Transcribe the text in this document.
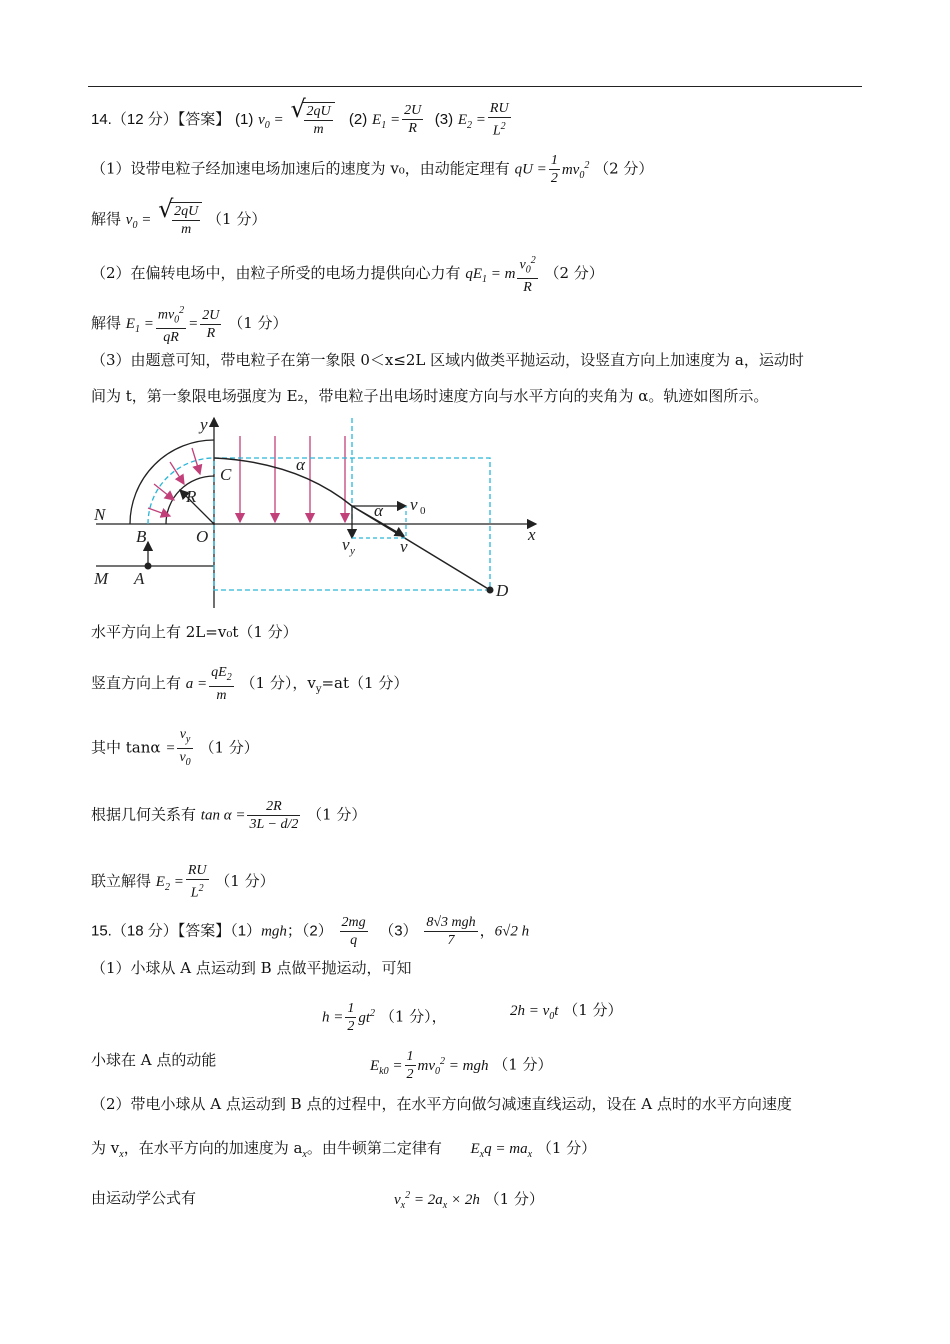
14.（12 分）【答案】 (1) $v_0$ = √ $\frac{2qU}{m} (2) E_1 = \frac{2U}{R} (3) E_2 = \frac{RU}{L^2}$
（1）设带电粒子经加速电场加速后的速度为 v₀，由动能定理有 qU = $\frac{1}{2} mv_0^2$ （2 分）
解得 $v_0$ = √ $\frac{2qU}{m} (1$ 分）
（2）在偏转电场中，由粒子所受的电场力提供向心力有 $qE_1 = m \frac{v_0^2}{R} (2$ 分）
解得 $E_1 = \frac{mv_0^2}{qR} = \frac{2U}{R} (1$ 分）
（3）由题意可知，带电粒子在第一象限 0＜x≤2L 区域内做类平抛运动，设竖直方向上加速度为 a，运动时
间为 t，第一象限电场强度为 E₂，带电粒子出电场时速度方向与水平方向的夹角为 α。轨迹如图所示。
y
x
C
O
B
A
N
M
R
D
α
α v 0
v y	v
水平方向上有 2L=v₀t（1 分）
竖直方向上有 $a = \frac{qE_2}{m} (1$ 分），$v_y=at(1$ 分）
其中 $\tan\alpha = \frac{v_y}{v_0} (1$ 分）
根据几何关系有 $\tan \alpha = \frac{2R}{3L - d/2} (1$ 分）
联立解得 $E_2 = \frac{RU}{L^2} (1$ 分）
15.（18 分）【答案】（1）mgh；$(2) \frac{2mg}{q} (3) \frac{\text{8√3 mgh}}{7}$ ，6√2 h
（1）小球从 A 点运动到 B 点做平抛运动，可知
$h = \frac{1}{2} gt^2$ （1 分），	$2h = v_0t$ （1 分）
小球在 A 点的动能	$E_{k0} = \frac{1}{2} mv_0^2$ = mgh （1 分）
（2）带电小球从 A 点运动到 B 点的过程中，在水平方向做匀减速直线运动，设在 A 点时的水平方向速度
为 $v_x$，在水平方向的加速度为 $a_x$。由牛顿第二定律有 $E_xq = ma_x$ （1 分）
由运动学公式有	$v_x^2 = 2a_x \times 2h$ （1 分）
